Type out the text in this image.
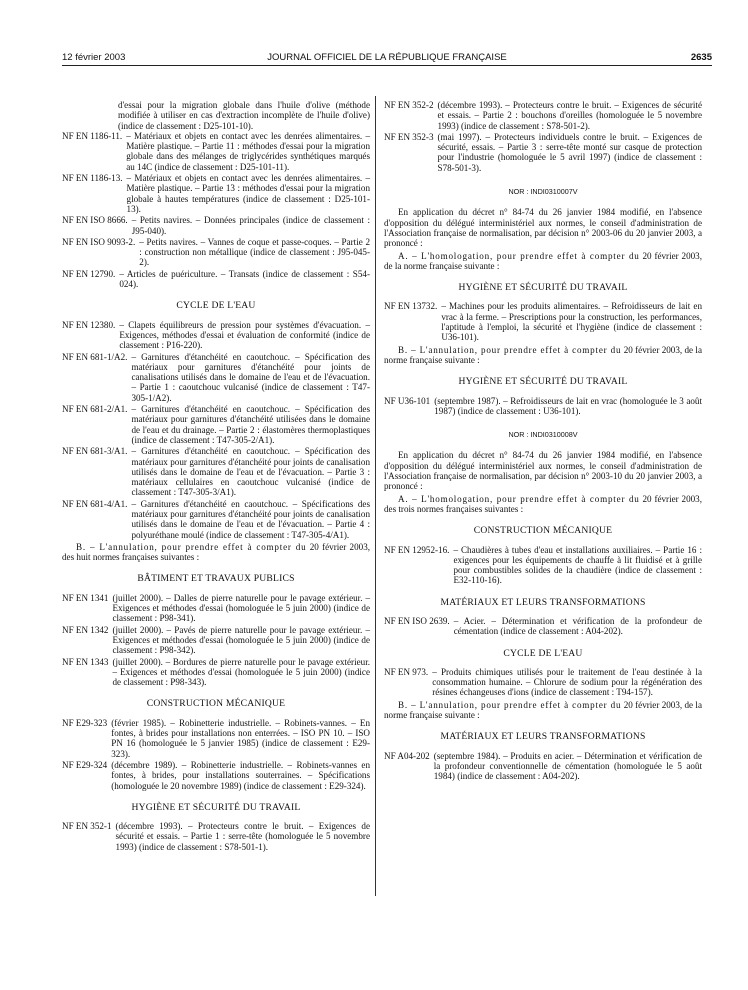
12 février 2003	JOURNAL OFFICIEL DE LA RÉPUBLIQUE FRANÇAISE	2635
d'essai pour la migration globale dans l'huile d'olive (méthode modifiée à utiliser en cas d'extraction incomplète de l'huile d'olive) (indice de classement : D25-101-10).
NF EN 1186-11. – Matériaux et objets en contact avec les denrées alimentaires. – Matière plastique. – Partie 11 : méthodes d'essai pour la migration globale dans des mélanges de triglycérides synthétiques marqués au 14C (indice de classement : D25-101-11).
NF EN 1186-13. – Matériaux et objets en contact avec les denrées alimentaires. – Matière plastique. – Partie 13 : méthodes d'essai pour la migration globale à hautes températures (indice de classement : D25-101-13).
NF EN ISO 8666. – Petits navires. – Données principales (indice de classement : J95-040).
NF EN ISO 9093-2. – Petits navires. – Vannes de coque et passe-coques. – Partie 2 : construction non métallique (indice de classement : J95-045-2).
NF EN 12790. – Articles de puériculture. – Transats (indice de classement : S54-024).
CYCLE DE L'EAU
NF EN 12380. – Clapets équilibreurs de pression pour systèmes d'évacuation. – Exigences, méthodes d'essai et évaluation de conformité (indice de classement : P16-220).
NF EN 681-1/A2. – Garnitures d'étanchéité en caoutchouc. – Spécification des matériaux pour garnitures d'étanchéité pour joints de canalisations utilisés dans le domaine de l'eau et de l'évacuation. – Partie 1 : caoutchouc vulcanisé (indice de classement : T47-305-1/A2).
NF EN 681-2/A1. – Garnitures d'étanchéité en caoutchouc. – Spécification des matériaux pour garnitures d'étanchéité utilisées dans le domaine de l'eau et du drainage. – Partie 2 : élastomères thermoplastiques (indice de classement : T47-305-2/A1).
NF EN 681-3/A1. – Garnitures d'étanchéité en caoutchouc. – Spécification des matériaux pour garnitures d'étanchéité pour joints de canalisation utilisés dans le domaine de l'eau et de l'évacuation. – Partie 3 : matériaux cellulaires en caoutchouc vulcanisé (indice de classement : T47-305-3/A1).
NF EN 681-4/A1. – Garnitures d'étanchéité en caoutchouc. – Spécifications des matériaux pour garnitures d'étanchéité pour joints de canalisation utilisés dans le domaine de l'eau et de l'évacuation. – Partie 4 : polyuréthane moulé (indice de classement : T47-305-4/A1).
B. – L'annulation, pour prendre effet à compter du 20 février 2003, des huit normes françaises suivantes :
BÂTIMENT ET TRAVAUX PUBLICS
NF EN 1341 (juillet 2000). – Dalles de pierre naturelle pour le pavage extérieur. – Exigences et méthodes d'essai (homologuée le 5 juin 2000) (indice de classement : P98-341).
NF EN 1342 (juillet 2000). – Pavés de pierre naturelle pour le pavage extérieur. – Exigences et méthodes d'essai (homologuée le 5 juin 2000) (indice de classement : P98-342).
NF EN 1343 (juillet 2000). – Bordures de pierre naturelle pour le pavage extérieur. – Exigences et méthodes d'essai (homologuée le 5 juin 2000) (indice de classement : P98-343).
CONSTRUCTION MÉCANIQUE
NF E29-323 (février 1985). – Robinetterie industrielle. – Robinets-vannes. – En fontes, à brides pour installations non enterrées. – ISO PN 10. – ISO PN 16 (homologuée le 5 janvier 1985) (indice de classement : E29-323).
NF E29-324 (décembre 1989). – Robinetterie industrielle. – Robinets-vannes en fontes, à brides, pour installations souterraines. – Spécifications (homologuée le 20 novembre 1989) (indice de classement : E29-324).
HYGIÈNE ET SÉCURITÉ DU TRAVAIL
NF EN 352-1 (décembre 1993). – Protecteurs contre le bruit. – Exigences de sécurité et essais. – Partie 1 : serre-tête (homologuée le 5 novembre 1993) (indice de classement : S78-501-1).
NF EN 352-2 (décembre 1993). – Protecteurs contre le bruit. – Exigences de sécurité et essais. – Partie 2 : bouchons d'oreilles (homologuée le 5 novembre 1993) (indice de classement : S78-501-2).
NF EN 352-3 (mai 1997). – Protecteurs individuels contre le bruit. – Exigences de sécurité, essais. – Partie 3 : serre-tête monté sur casque de protection pour l'industrie (homologuée le 5 avril 1997) (indice de classement : S78-501-3).
NOR : INDI0310007V
En application du décret n° 84-74 du 26 janvier 1984 modifié, en l'absence d'opposition du délégué interministériel aux normes, le conseil d'administration de l'Association française de normalisation, par décision n° 2003-06 du 20 janvier 2003, a prononcé :
A. – L'homologation, pour prendre effet à compter du 20 février 2003, de la norme française suivante :
HYGIÈNE ET SÉCURITÉ DU TRAVAIL
NF EN 13732. – Machines pour les produits alimentaires. – Refroidisseurs de lait en vrac à la ferme. – Prescriptions pour la construction, les performances, l'aptitude à l'emploi, la sécurité et l'hygiène (indice de classement : U36-101).
B. – L'annulation, pour prendre effet à compter du 20 février 2003, de la norme française suivante :
HYGIÈNE ET SÉCURITÉ DU TRAVAIL
NF U36-101 (septembre 1987). – Refroidisseurs de lait en vrac (homologuée le 3 août 1987) (indice de classement : U36-101).
NOR : INDI0310008V
En application du décret n° 84-74 du 26 janvier 1984 modifié, en l'absence d'opposition du délégué interministériel aux normes, le conseil d'administration de l'Association française de normalisation, par décision n° 2003-10 du 20 janvier 2003, a prononcé :
A. – L'homologation, pour prendre effet à compter du 20 février 2003, des trois normes françaises suivantes :
CONSTRUCTION MÉCANIQUE
NF EN 12952-16. – Chaudières à tubes d'eau et installations auxiliaires. – Partie 16 : exigences pour les équipements de chauffe à lit fluidisé et à grille pour combustibles solides de la chaudière (indice de classement : E32-110-16).
MATÉRIAUX ET LEURS TRANSFORMATIONS
NF EN ISO 2639. – Acier. – Détermination et vérification de la profondeur de cémentation (indice de classement : A04-202).
CYCLE DE L'EAU
NF EN 973. – Produits chimiques utilisés pour le traitement de l'eau destinée à la consommation humaine. – Chlorure de sodium pour la régénération des résines échangeuses d'ions (indice de classement : T94-157).
B. – L'annulation, pour prendre effet à compter du 20 février 2003, de la norme française suivante :
MATÉRIAUX ET LEURS TRANSFORMATIONS
NF A04-202 (septembre 1984). – Produits en acier. – Détermination et vérification de la profondeur conventionnelle de cémentation (homologuée le 5 août 1984) (indice de classement : A04-202).
